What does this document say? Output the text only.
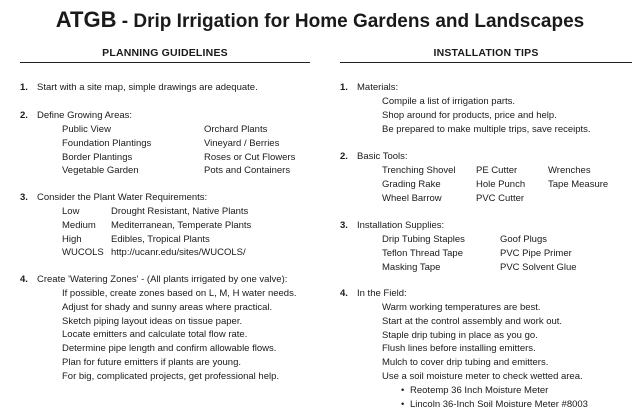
ATGB - Drip Irrigation for Home Gardens and Landscapes
PLANNING GUIDELINES
1. Start with a site map, simple drawings are adequate.
2. Define Growing Areas:
Public View	Orchard Plants
Foundation Plantings	Vineyard / Berries
Border Plantings	Roses or Cut Flowers
Vegetable Garden	Pots and Containers
3. Consider the Plant Water Requirements:
Low	Drought Resistant, Native Plants
Medium	Mediterranean, Temperate Plants
High	Edibles, Tropical Plants
WUCOLS http://ucanr.edu/sites/WUCOLS/
4. Create 'Watering Zones' - (All plants irrigated by one valve):
If possible, create zones based on L, M, H water needs.
Adjust for shady and sunny areas where practical.
Sketch piping layout ideas on tissue paper.
Locate emitters and calculate total flow rate.
Determine pipe length and confirm allowable flows.
Plan for future emitters if plants are young.
For big, complicated projects, get professional help.
INSTALLATION TIPS
1. Materials:
Compile a list of irrigation parts.
Shop around for products, price and help.
Be prepared to make multiple trips, save receipts.
2. Basic Tools:
Trenching Shovel	PE Cutter	Wrenches
Grading Rake	Hole Punch	Tape Measure
Wheel Barrow	PVC Cutter
3. Installation Supplies:
Drip Tubing Staples	Goof Plugs
Teflon Thread Tape	PVC Pipe Primer
Masking Tape	PVC Solvent Glue
4. In the Field:
Warm working temperatures are best.
Start at the control assembly and work out.
Staple drip tubing in place as you go.
Flush lines before installing emitters.
Mulch to cover drip tubing and emitters.
Use a soil moisture meter to check wetted area.
• Reotemp 36 Inch Moisture Meter
• Lincoln 36-Inch Soil Moisture Meter #8003
